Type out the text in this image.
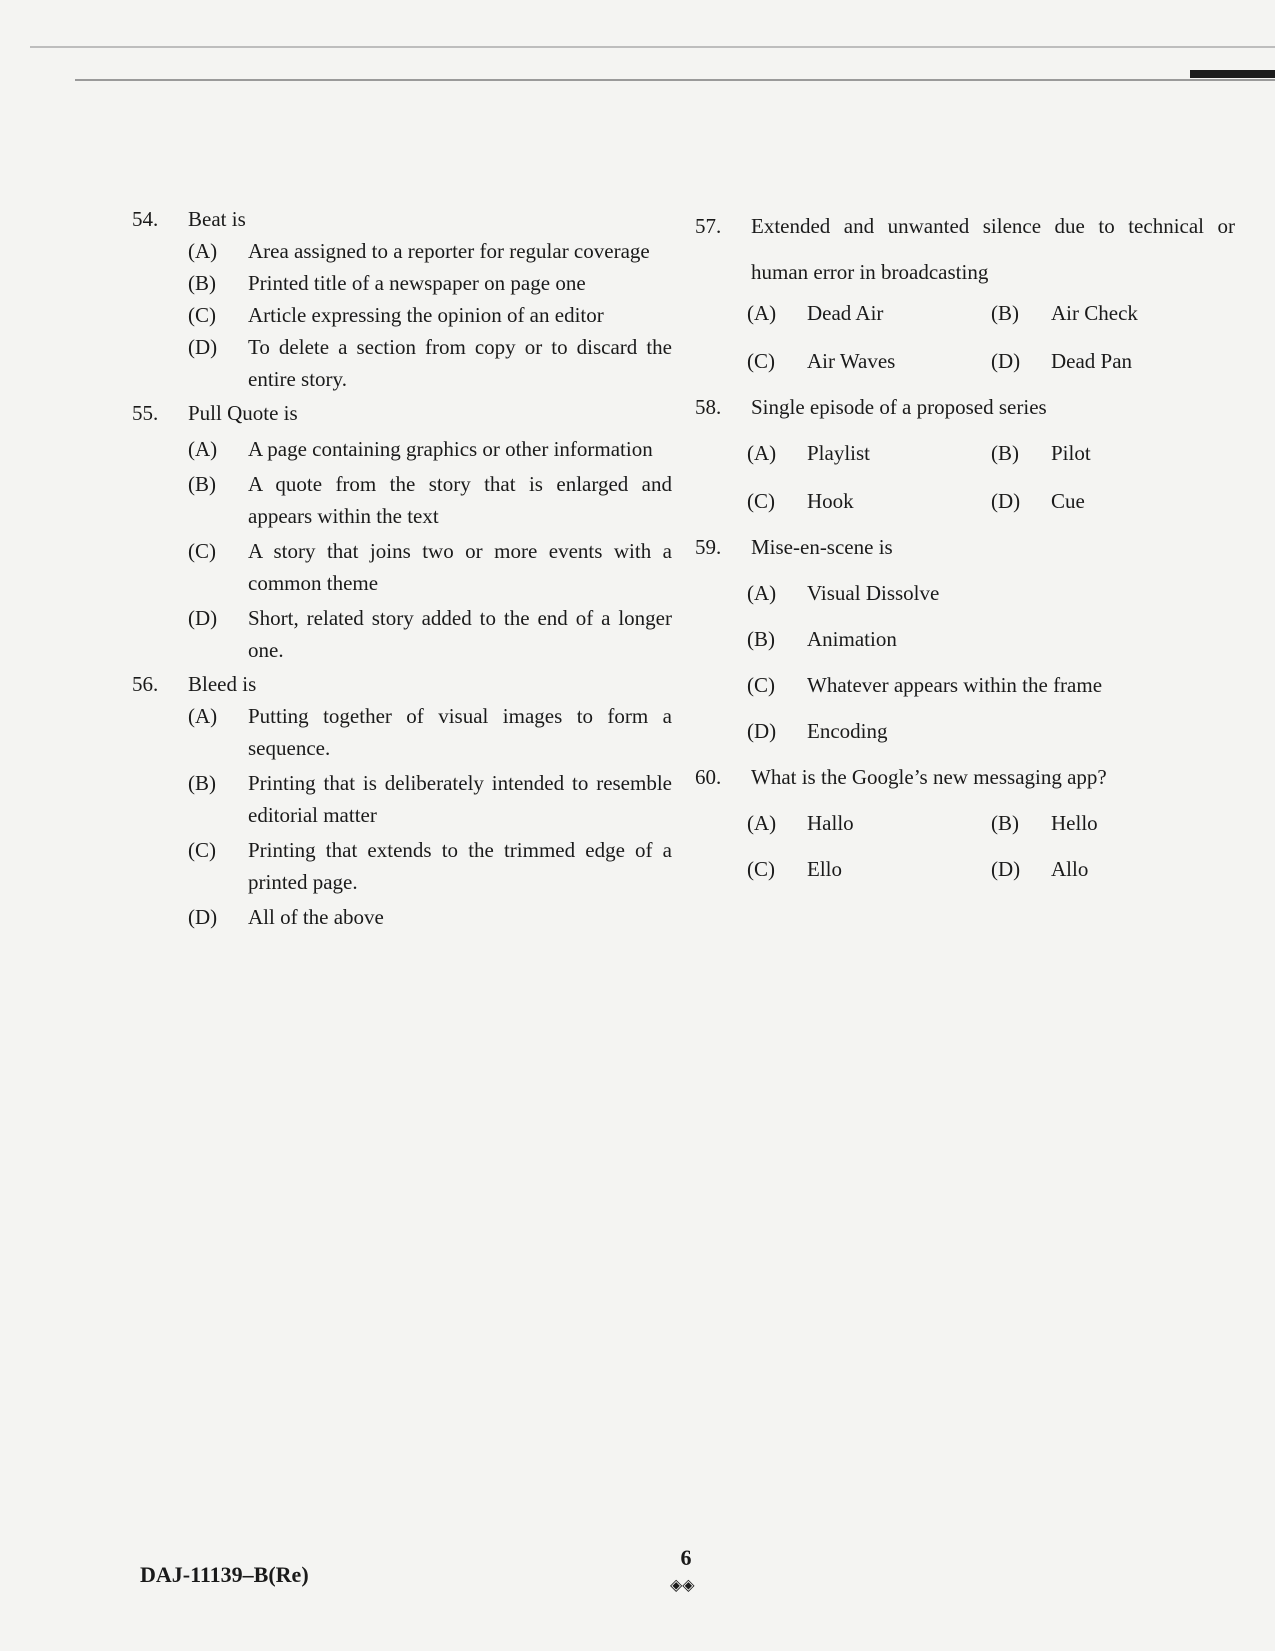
54.	Beat is
(A)	Area assigned to a reporter for regular coverage
(B)	Printed title of a newspaper on page one
(C)	Article expressing the opinion of an editor
(D)	To delete a section from copy or to discard the entire story.
55.	Pull Quote is
(A)	A page containing graphics or other information
(B)	A quote from the story that is enlarged and appears within the text
(C)	A story that joins two or more events with a common theme
(D)	Short, related story added to the end of a longer one.
56.	Bleed is
(A)	Putting together of visual images to form a sequence.
(B)	Printing that is deliberately intended to resemble editorial matter
(C)	Printing that extends to the trimmed edge of a printed page.
(D)	All of the above
57.	Extended and unwanted silence due to technical or human error in broadcasting
(A)	Dead Air	(B)	Air Check
(C)	Air Waves	(D)	Dead Pan
58.	Single episode of a proposed series
(A)	Playlist	(B)	Pilot
(C)	Hook	(D)	Cue
59.	Mise-en-scene is
(A)	Visual Dissolve
(B)	Animation
(C)	Whatever appears within the frame
(D)	Encoding
60.	What is the Google’s new messaging app?
(A)	Hallo	(B)	Hello
(C)	Ello	(D)	Allo
DAJ-11139–B(Re)
6
◈◈
